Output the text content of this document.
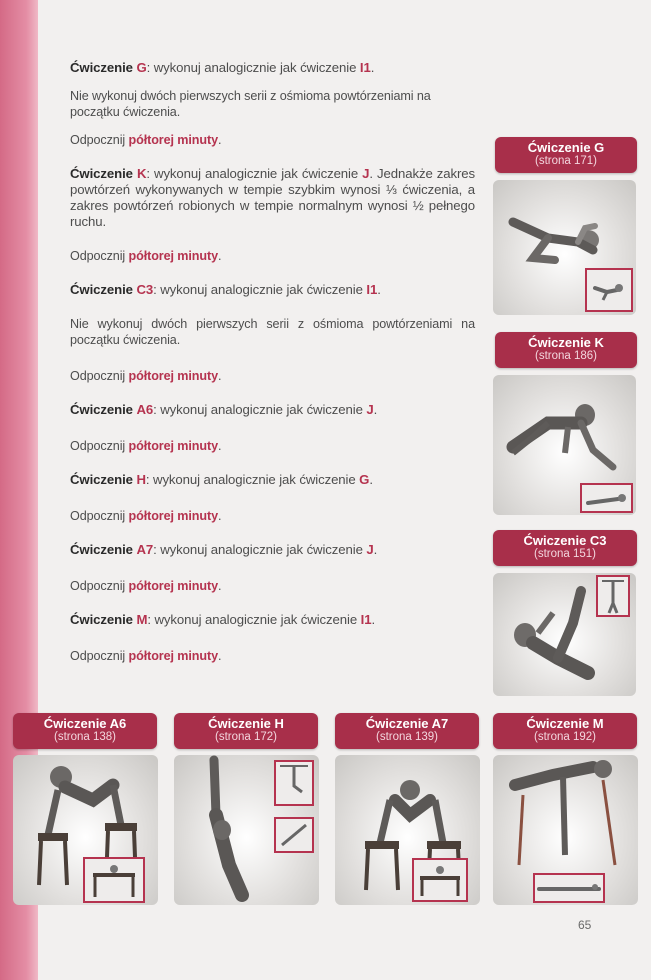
Ćwiczenie G: wykonuj analogicznie jak ćwiczenie I1.

Nie wykonuj dwóch pierwszych serii z ośmioma powtórzeniami na początku ćwiczenia.

Odpocznij półtorej minuty.

Ćwiczenie K: wykonuj analogicznie jak ćwiczenie J. Jednakże zakres powtórzeń wykonywanych w tempie szybkim wynosi ⅓ ćwiczenia, a zakres powtórzeń robionych w tempie normalnym wynosi ½ pełnego ruchu.

Odpocznij półtorej minuty.

Ćwiczenie C3: wykonuj analogicznie jak ćwiczenie I1.

Nie wykonuj dwóch pierwszych serii z ośmioma powtórzeniami na początku ćwiczenia.

Odpocznij półtorej minuty.

Ćwiczenie A6: wykonuj analogicznie jak ćwiczenie J.

Odpocznij półtorej minuty.

Ćwiczenie H: wykonuj analogicznie jak ćwiczenie G.

Odpocznij półtorej minuty.

Ćwiczenie A7: wykonuj analogicznie jak ćwiczenie J.

Odpocznij półtorej minuty.

Ćwiczenie M: wykonuj analogicznie jak ćwiczenie I1.

Odpocznij półtorej minuty.

Ćwiczenie G
(strona 171)
Ćwiczenie K
(strona 186)
Ćwiczenie C3
(strona 151)
Ćwiczenie A6
(strona 138)
Ćwiczenie H
(strona 172)
Ćwiczenie A7
(strona 139)
Ćwiczenie M
(strona 192)
65
